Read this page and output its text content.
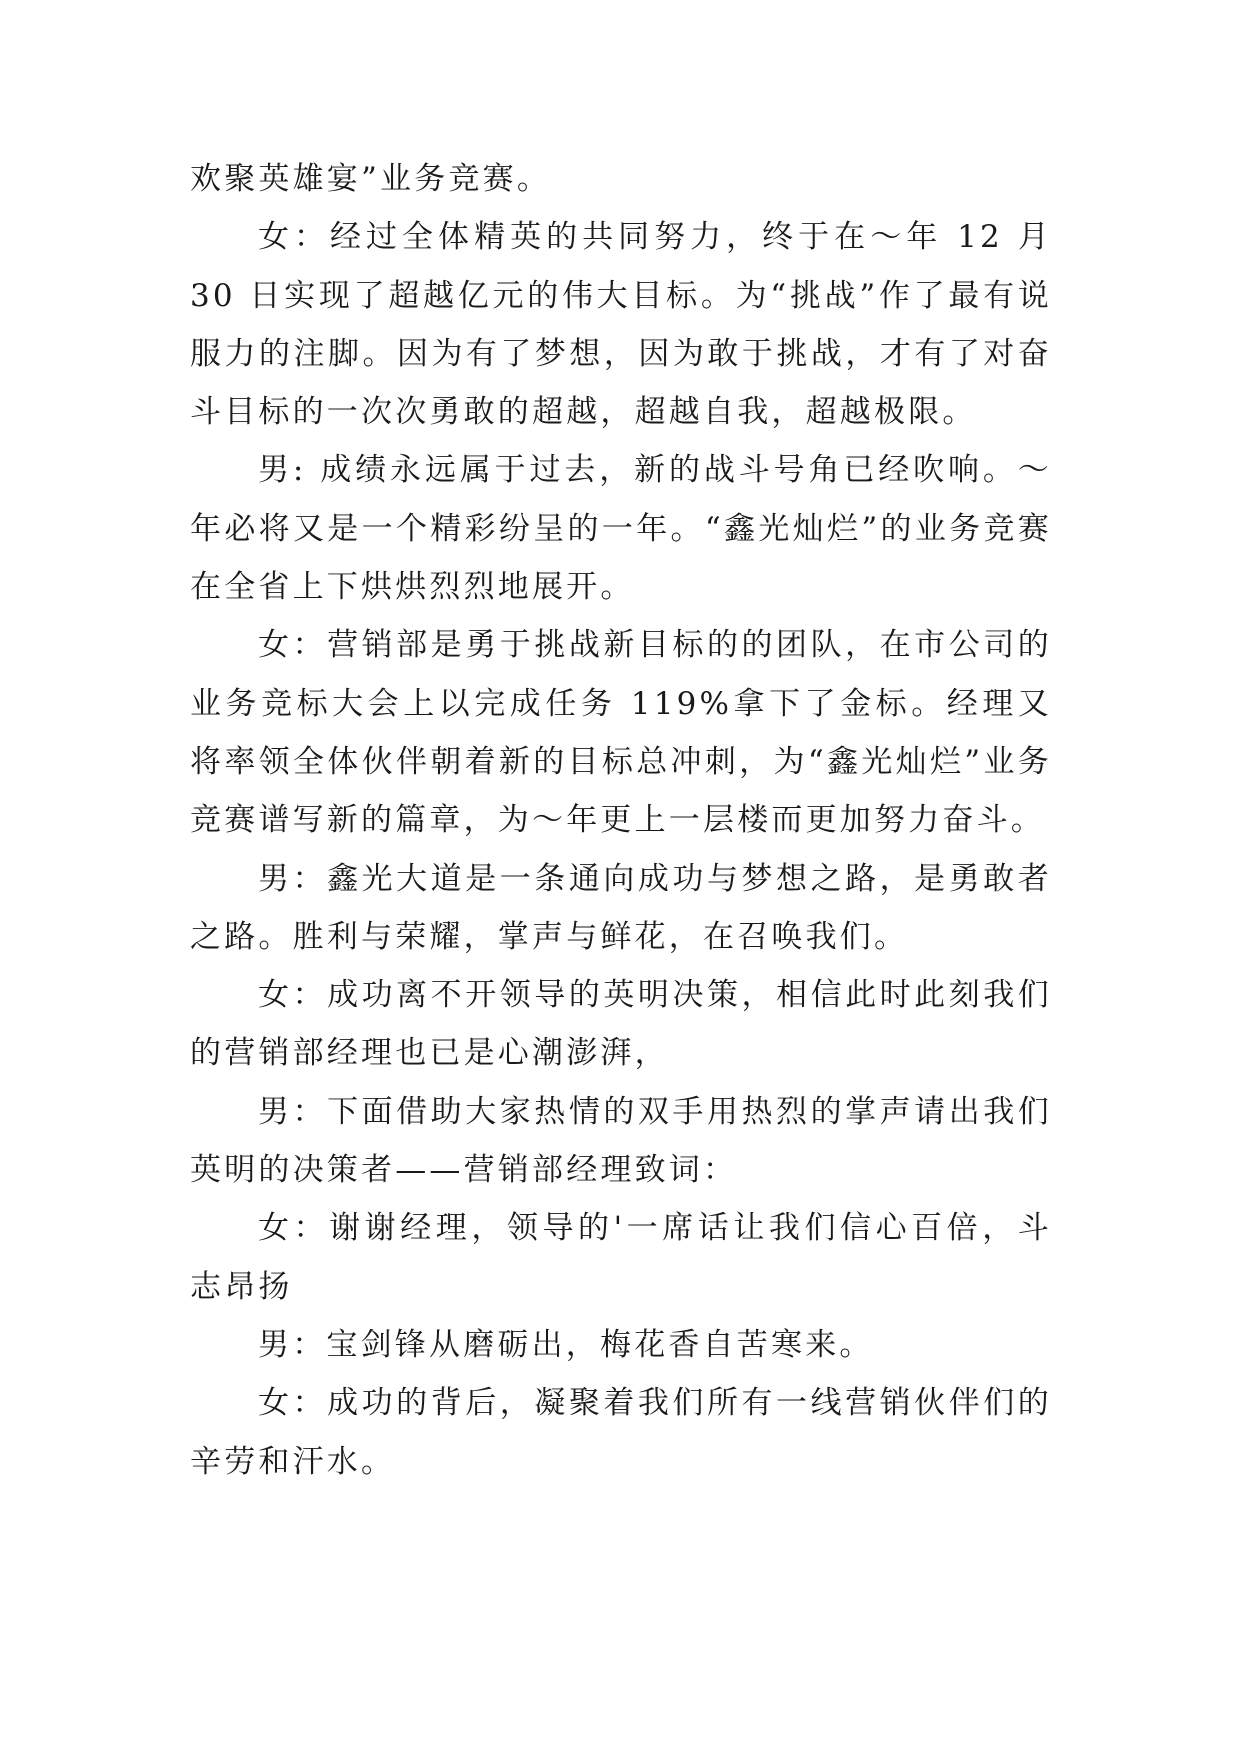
欢聚英雄宴”业务竞赛。

女：经过全体精英的共同努力，终于在～年 12 月 30 日实现了超越亿元的伟大目标。为“挑战”作了最有说服力的注脚。因为有了梦想，因为敢于挑战，才有了对奋斗目标的一次次勇敢的超越，超越自我，超越极限。

男: 成绩永远属于过去，新的战斗号角已经吹响。～年必将又是一个精彩纷呈的一年。“鑫光灿烂”的业务竞赛在全省上下烘烘烈烈地展开。

女：营销部是勇于挑战新目标的的团队，在市公司的业务竞标大会上以完成任务 119%拿下了金标。经理又将率领全体伙伴朝着新的目标总冲刺，为“鑫光灿烂”业务竞赛谱写新的篇章，为～年更上一层楼而更加努力奋斗。

男：鑫光大道是一条通向成功与梦想之路，是勇敢者之路。胜利与荣耀，掌声与鲜花，在召唤我们。

女：成功离不开领导的英明决策，相信此时此刻我们的营销部经理也已是心潮澎湃，

男：下面借助大家热情的双手用热烈的掌声请出我们英明的决策者——营销部经理致词：

女：谢谢经理，领导的'一席话让我们信心百倍，斗志昂扬

男：宝剑锋从磨砺出，梅花香自苦寒来。

女：成功的背后，凝聚着我们所有一线营销伙伴们的辛劳和汗水。
